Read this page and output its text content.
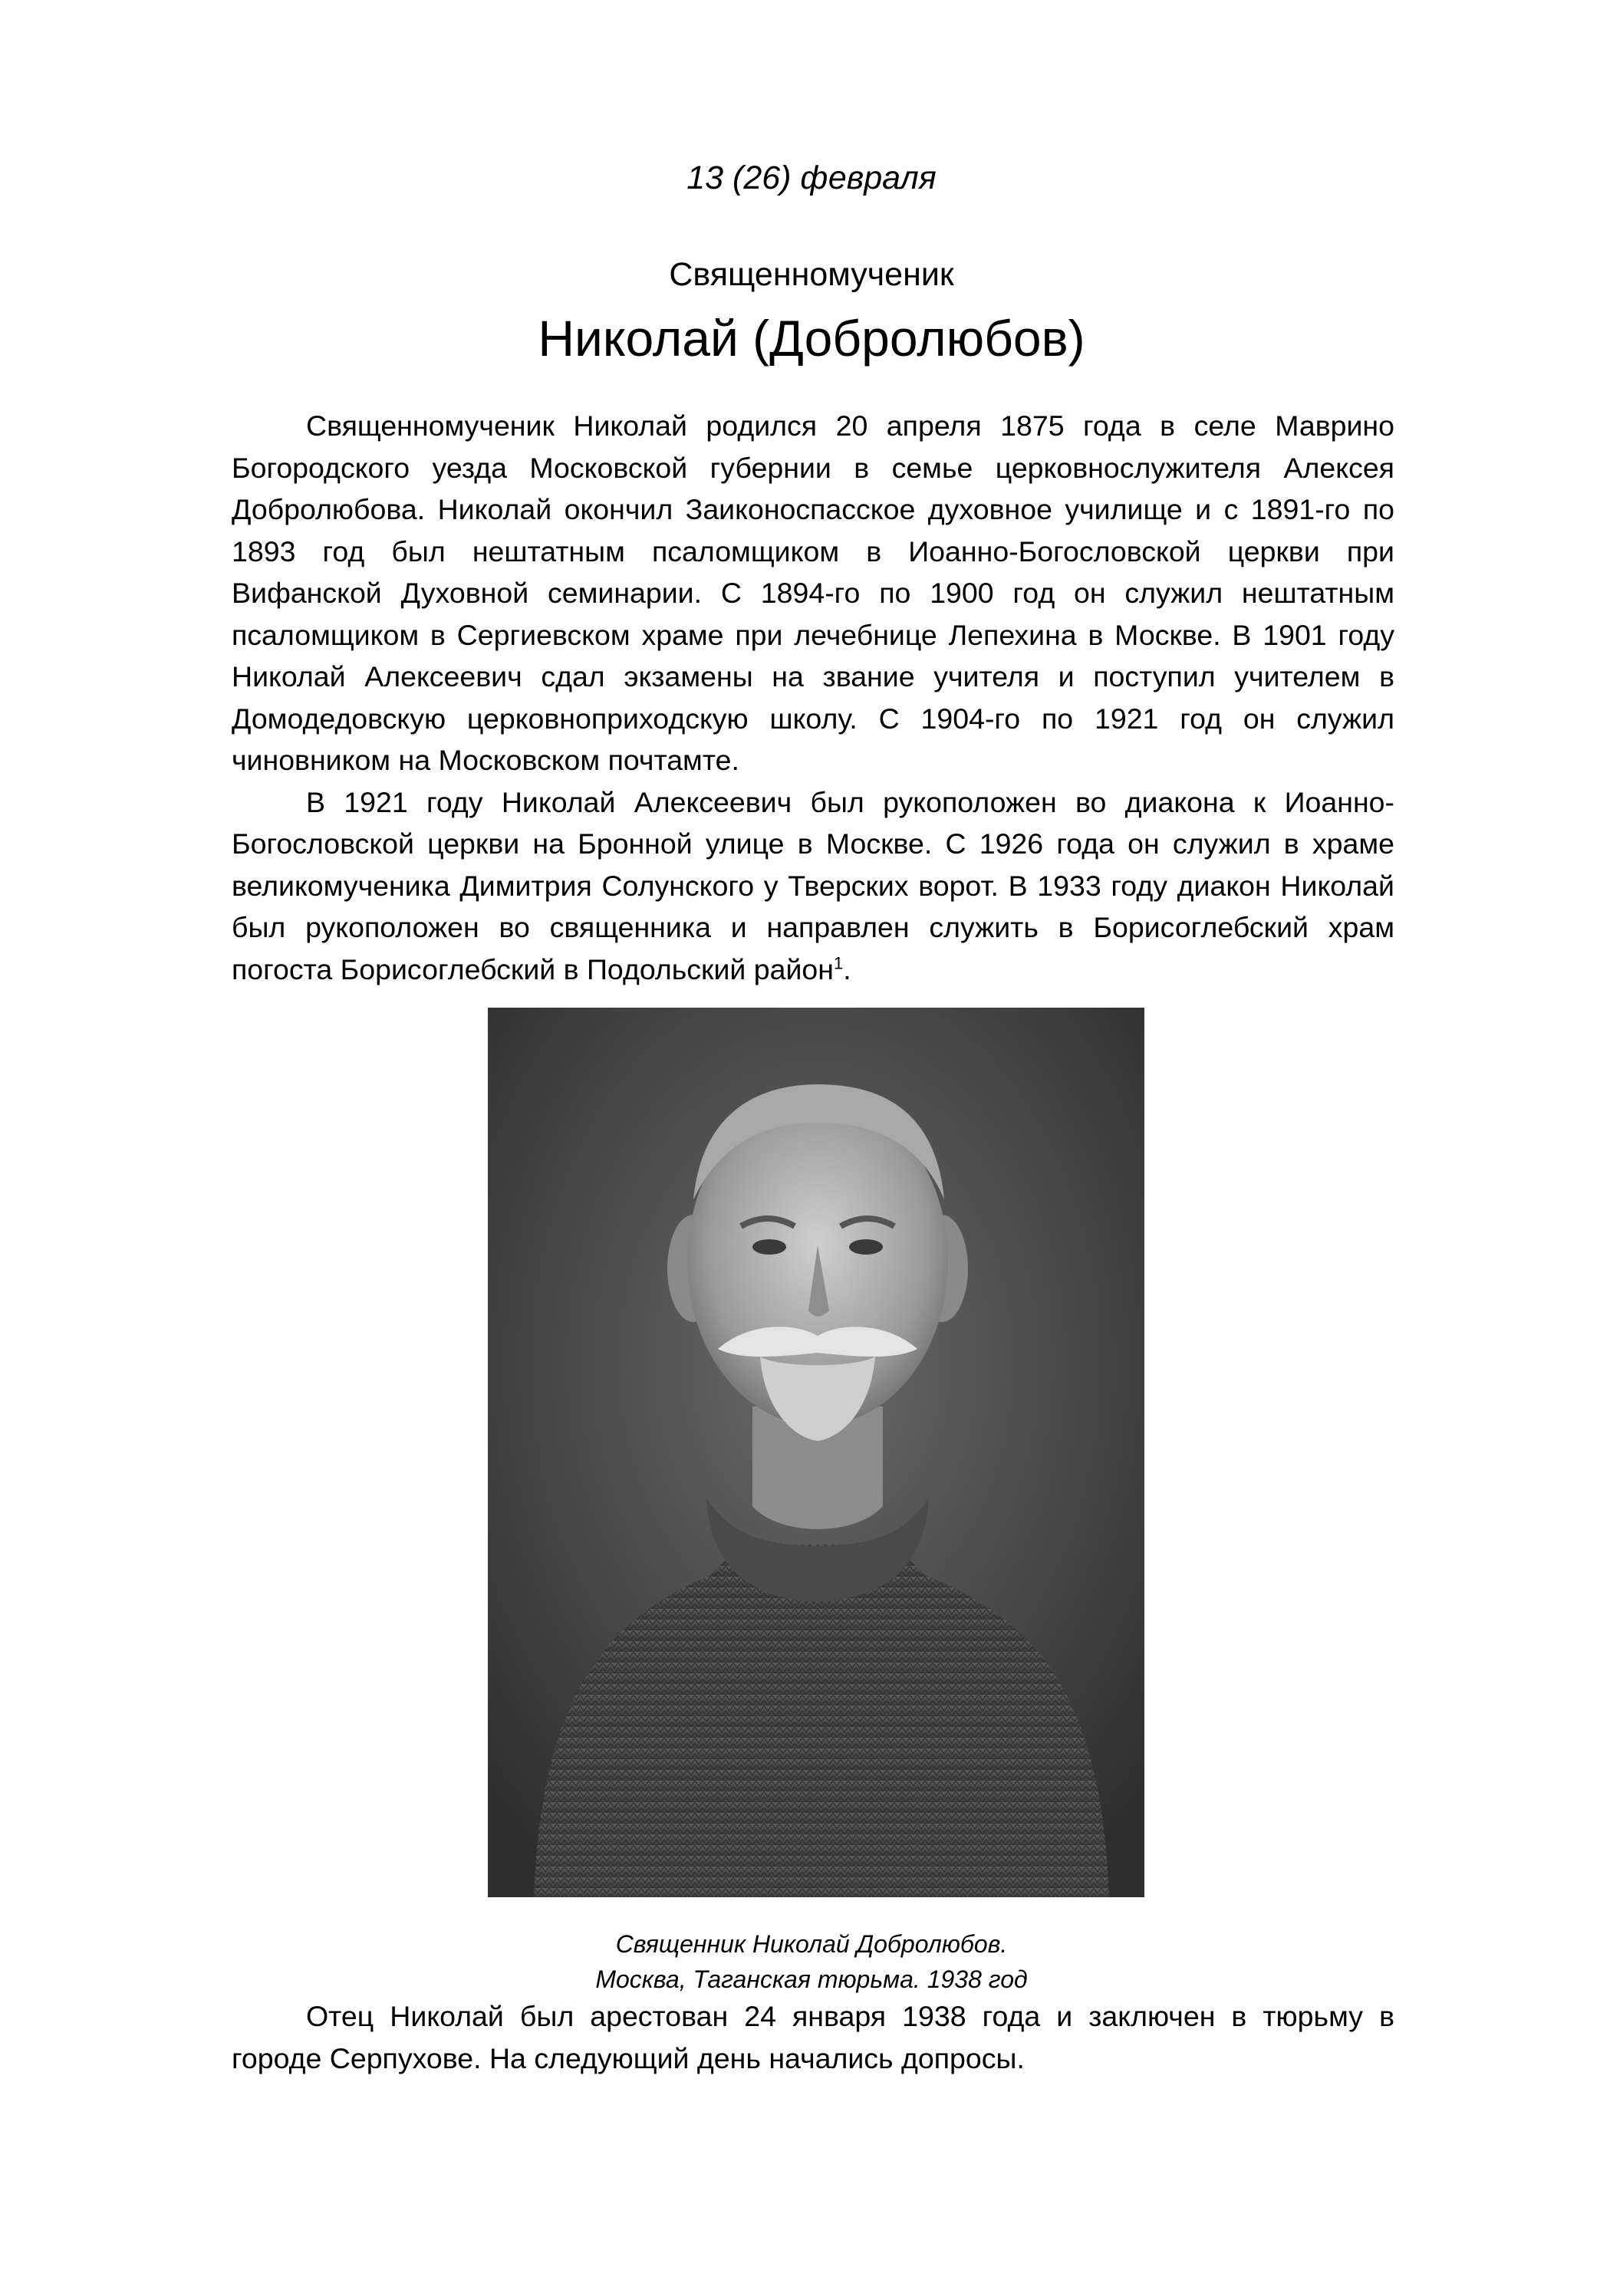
13 (26) февраля
Священномученик
Николай (Добролюбов)

Священномученик Николай родился 20 апреля 1875 года в селе Маврино Богородского уезда Московской губернии в семье церковнослужителя Алексея Добролюбова. Николай окончил Заиконоспасское духовное училище и с 1891-го по 1893 год был нештатным псаломщиком в Иоанно-Богословской церкви при Вифанской Духовной семинарии. С 1894-го по 1900 год он служил нештатным псаломщиком в Сергиевском храме при лечебнице Лепехина в Москве. В 1901 году Николай Алексеевич сдал экзамены на звание учителя и поступил учителем в Домодедовскую церковноприходскую школу. С 1904-го по 1921 год он служил чиновником на Московском почтамте.

В 1921 году Николай Алексеевич был рукоположен во диакона к Иоанно-Богословской церкви на Бронной улице в Москве. С 1926 года он служил в храме великомученика Димитрия Солунского у Тверских ворот. В 1933 году диакон Николай был рукоположен во священника и направлен служить в Борисоглебский храм погоста Борисоглебский в Подольский район$^1$.

Священник Николай Добролюбов.
Москва, Таганская тюрьма. 1938 год

Отец Николай был арестован 24 января 1938 года и заключен в тюрьму в городе Серпухове. На следующий день начались допросы.
